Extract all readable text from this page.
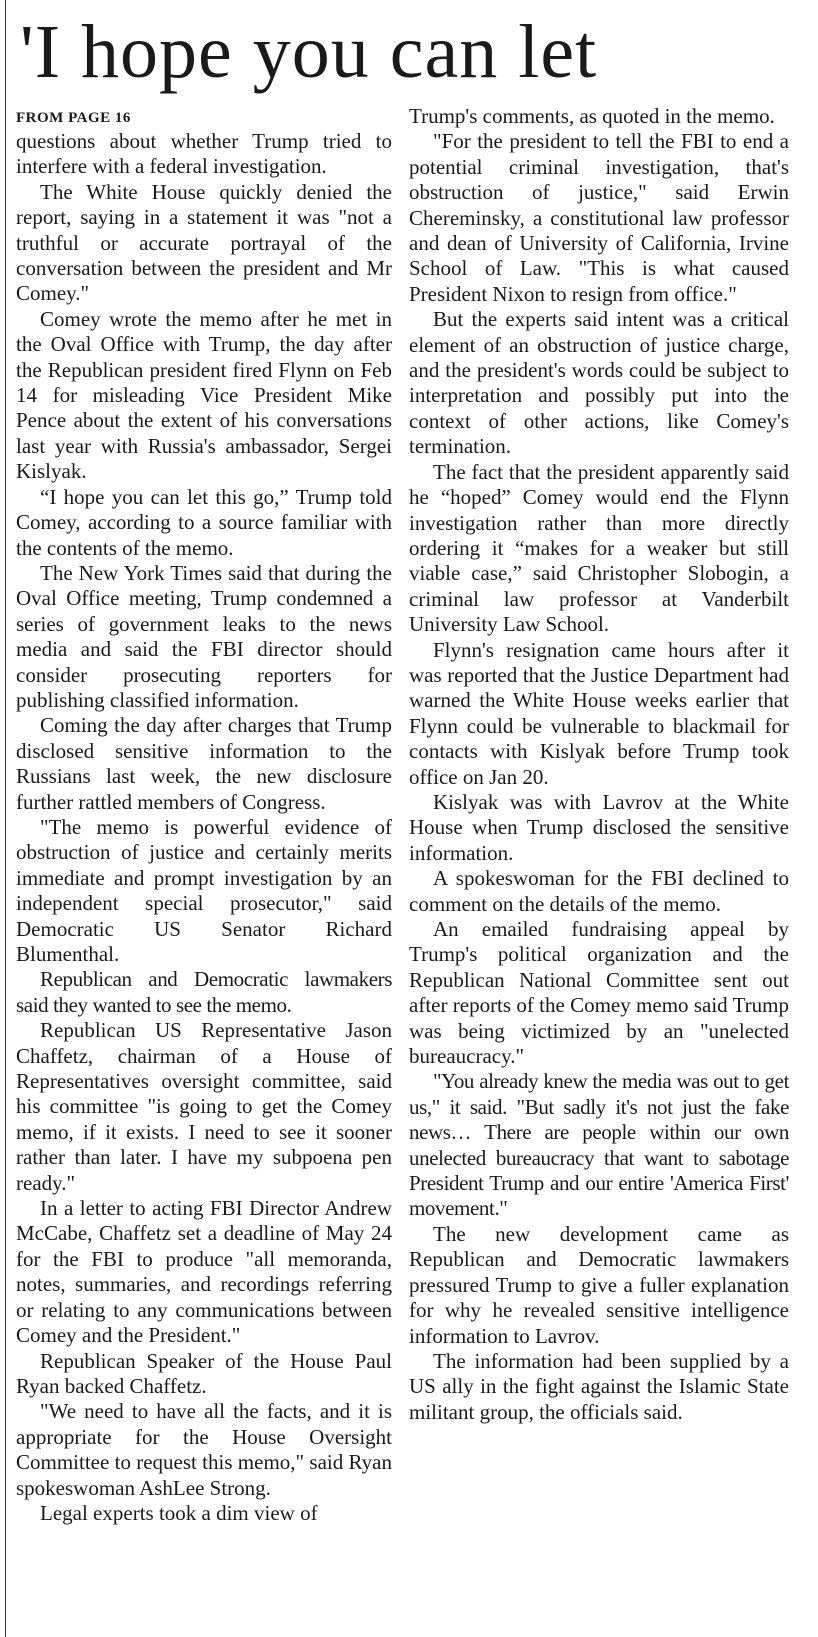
'I hope you can let
FROM PAGE 16

questions about whether Trump tried to interfere with a federal investigation.

The White House quickly denied the report, saying in a statement it was "not a truthful or accurate portrayal of the conversation between the president and Mr Comey."

Comey wrote the memo after he met in the Oval Office with Trump, the day after the Republican president fired Flynn on Feb 14 for misleading Vice President Mike Pence about the extent of his conversations last year with Russia's ambassador, Sergei Kislyak.

“I hope you can let this go,” Trump told Comey, according to a source familiar with the contents of the memo.

The New York Times said that during the Oval Office meeting, Trump condemned a series of government leaks to the news media and said the FBI director should consider prosecuting reporters for publishing classified information.

Coming the day after charges that Trump disclosed sensitive information to the Russians last week, the new disclosure further rattled members of Congress.

"The memo is powerful evidence of obstruction of justice and certainly merits immediate and prompt investigation by an independent special prosecutor," said Democratic US Senator Richard Blumenthal.

Republican and Democratic lawmakers said they wanted to see the memo.

Republican US Representative Jason Chaffetz, chairman of a House of Representatives oversight committee, said his committee "is going to get the Comey memo, if it exists. I need to see it sooner rather than later. I have my subpoena pen ready."

In a letter to acting FBI Director Andrew McCabe, Chaffetz set a deadline of May 24 for the FBI to produce "all memoranda, notes, summaries, and recordings referring or relating to any communications between Comey and the President."

Republican Speaker of the House Paul Ryan backed Chaffetz.

"We need to have all the facts, and it is appropriate for the House Oversight Committee to request this memo," said Ryan spokeswoman AshLee Strong.

Legal experts took a dim view of

Trump's comments, as quoted in the memo.

"For the president to tell the FBI to end a potential criminal investigation, that's obstruction of justice," said Erwin Chereminsky, a constitutional law professor and dean of University of California, Irvine School of Law. "This is what caused President Nixon to resign from office."

But the experts said intent was a critical element of an obstruction of justice charge, and the president's words could be subject to interpretation and possibly put into the context of other actions, like Comey's termination.

The fact that the president apparently said he “hoped” Comey would end the Flynn investigation rather than more directly ordering it “makes for a weaker but still viable case,” said Christopher Slobogin, a criminal law professor at Vanderbilt University Law School.

Flynn's resignation came hours after it was reported that the Justice Department had warned the White House weeks earlier that Flynn could be vulnerable to blackmail for contacts with Kislyak before Trump took office on Jan 20.

Kislyak was with Lavrov at the White House when Trump disclosed the sensitive information.

A spokeswoman for the FBI declined to comment on the details of the memo.

An emailed fundraising appeal by Trump's political organization and the Republican National Committee sent out after reports of the Comey memo said Trump was being victimized by an "unelected bureaucracy."

"You already knew the media was out to get us," it said. "But sadly it's not just the fake news… There are people within our own unelected bureaucracy that want to sabotage President Trump and our entire 'America First' movement."

The new development came as Republican and Democratic lawmakers pressured Trump to give a fuller explanation for why he revealed sensitive intelligence information to Lavrov.

The information had been supplied by a US ally in the fight against the Islamic State militant group, the officials said.
